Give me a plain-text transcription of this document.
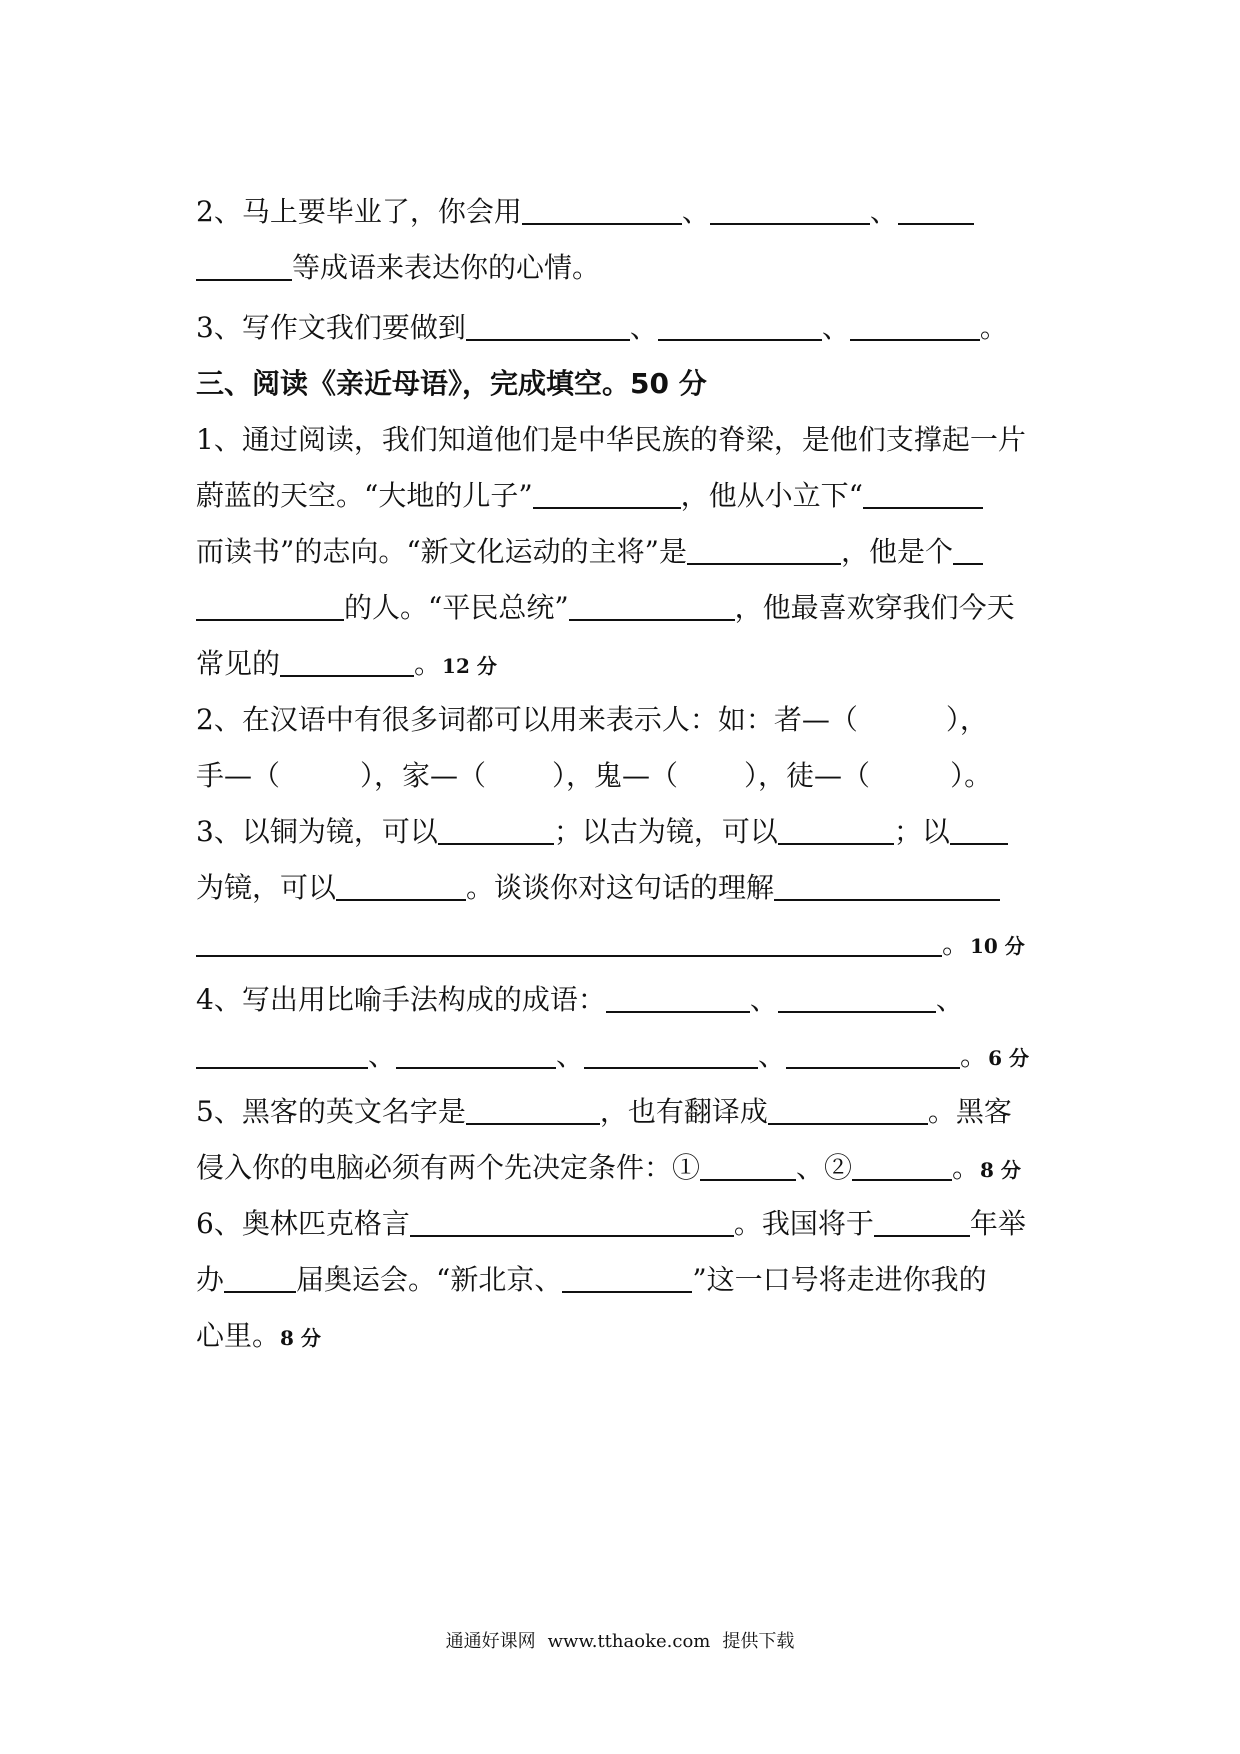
2、马上要毕业了，你会用	、	、
等成语来表达你的心情。
3、写作文我们要做到	、	、	。
三、阅读《亲近母语》，完成填空。50 分
1、通过阅读，我们知道他们是中华民族的脊梁，是他们支撑起一片
蔚蓝的天空。“大地的儿子”	，他从小立下“
而读书”的志向。“新文化运动的主将”是	，他是个
的人。“平民总统”	，他最喜欢穿我们今天
常见的	。12 分
2、在汉语中有很多词都可以用来表示人：如：者—（	），
手—（	），家—（ ），鬼—（ ），徒—（	）。
3、以铜为镜，可以	；以古为镜，可以	；以
为镜，可以	。谈谈你对这句话的理解
。10 分
4、写出用比喻手法构成的成语：	、	、
、	、	、	。6 分
5、黑客的英文名字是	，也有翻译成	。黑客
侵入你的电脑必须有两个先决定条件：①	、②	。8 分
6、奥林匹克格言	。我国将于	年举
办	届奥运会。“新北京、	”这一口号将走进你我的
心里。8 分
通通好课网 www.tthaoke.com 提供下载
